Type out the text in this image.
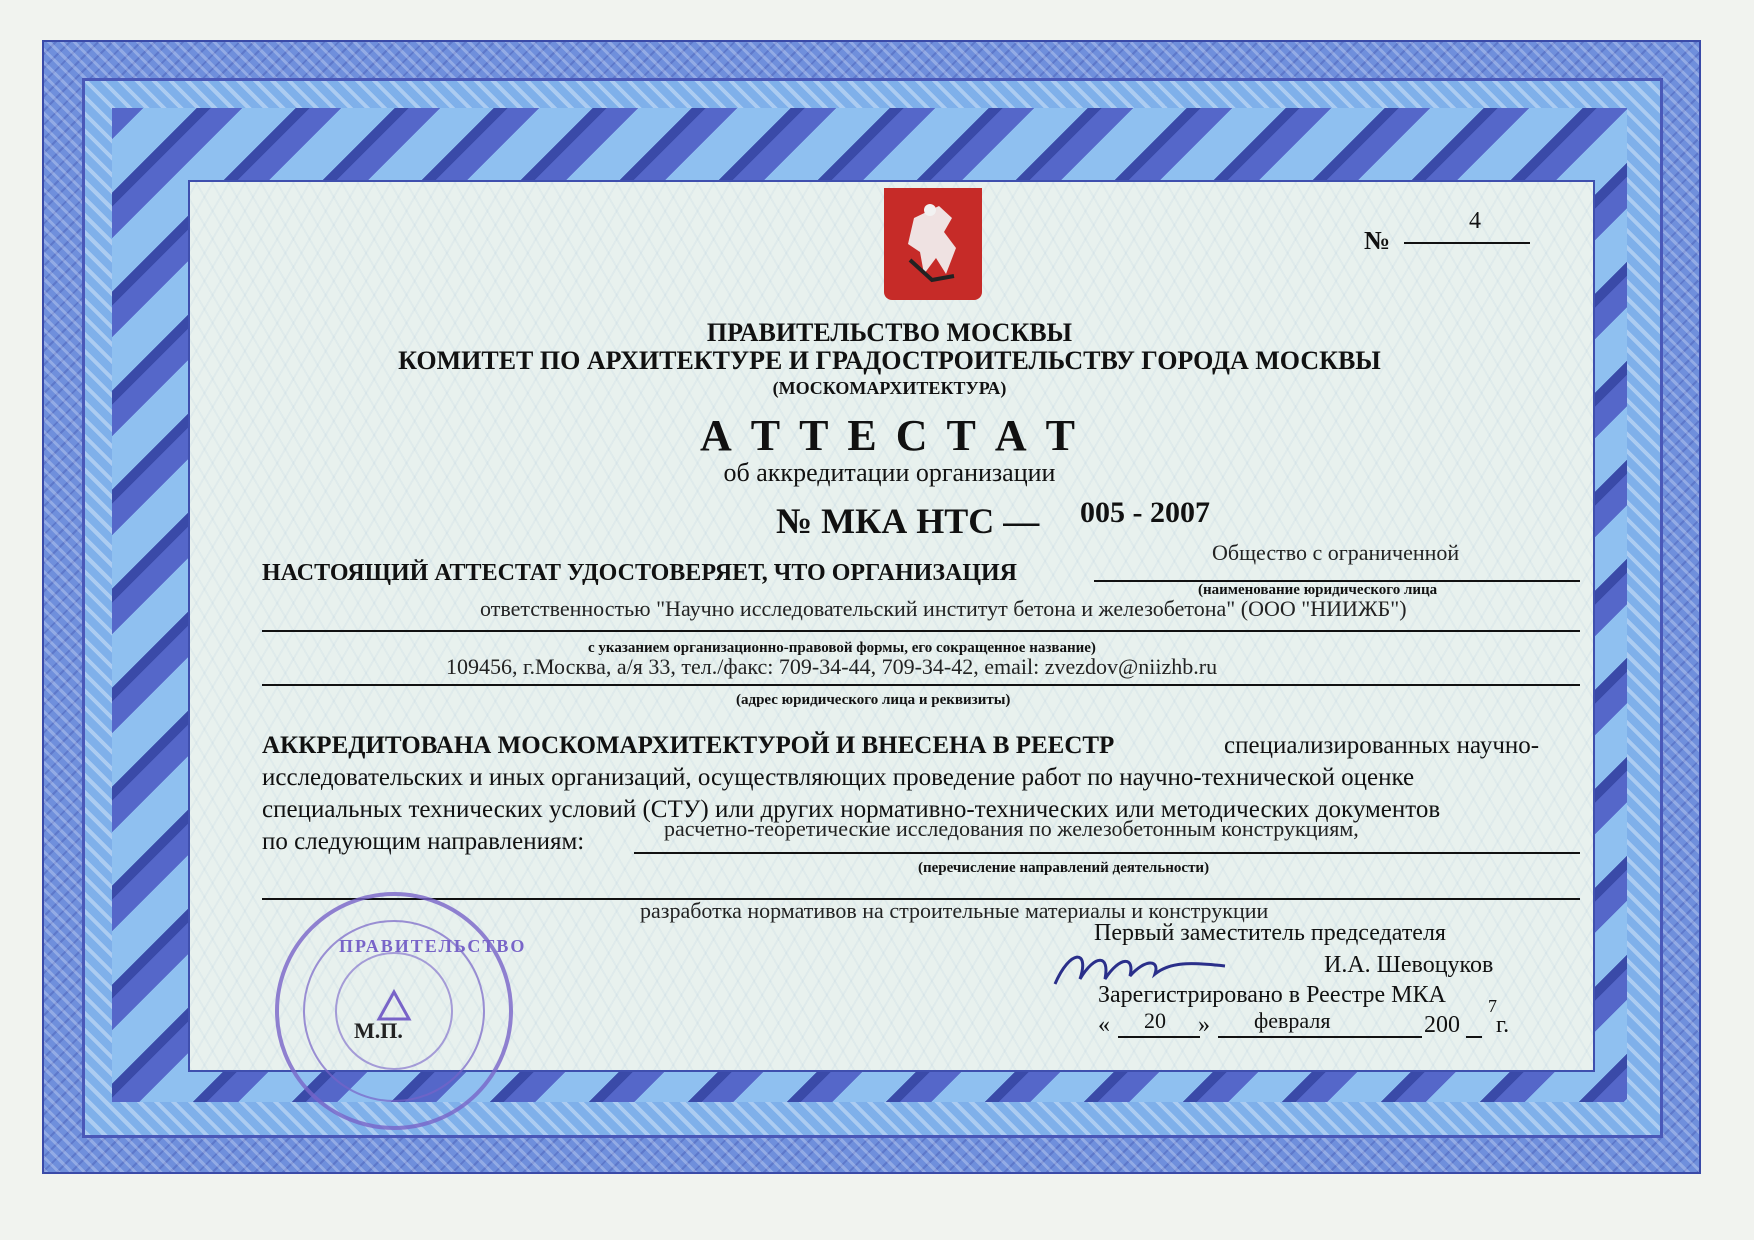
№
4
ПРАВИТЕЛЬСТВО МОСКВЫ
КОМИТЕТ ПО АРХИТЕКТУРЕ И ГРАДОСТРОИТЕЛЬСТВУ ГОРОДА МОСКВЫ
(МОСКОМАРХИТЕКТУРА)
А Т Т Е С Т А Т
об аккредитации организации
№ МКА НТС — 005 - 2007
НАСТОЯЩИЙ АТТЕСТАТ УДОСТОВЕРЯЕТ, ЧТО ОРГАНИЗАЦИЯ
Общество с ограниченной
(наименование юридического лица
ответственностью "Научно исследовательский институт бетона и железобетона" (ООО "НИИЖБ")
с указанием организационно-правовой формы, его сокращенное название)
109456, г.Москва, а/я 33, тел./факс: 709-34-44, 709-34-42, email: zvezdov@niizhb.ru
(адрес юридического лица и реквизиты)
АККРЕДИТОВАНА МОСКОМАРХИТЕКТУРОЙ И ВНЕСЕНА В РЕЕСТР	специализированных научно-
исследовательских и иных организаций, осуществляющих проведение работ по научно-технической оценке
специальных технических условий (СТУ) или других нормативно-технических или методических документов
по следующим направлениям:	расчетно-теоретические исследования по железобетонным конструкциям,
(перечисление направлений деятельности)
разработка нормативов на строительные материалы и конструкции
Первый заместитель председателя
И.А. Шевоцуков
Зарегистрировано в Реестре МКА
« 20 » февраля	200
7
г.
ПРАВИТЕЛЬСТВО
М.П.
